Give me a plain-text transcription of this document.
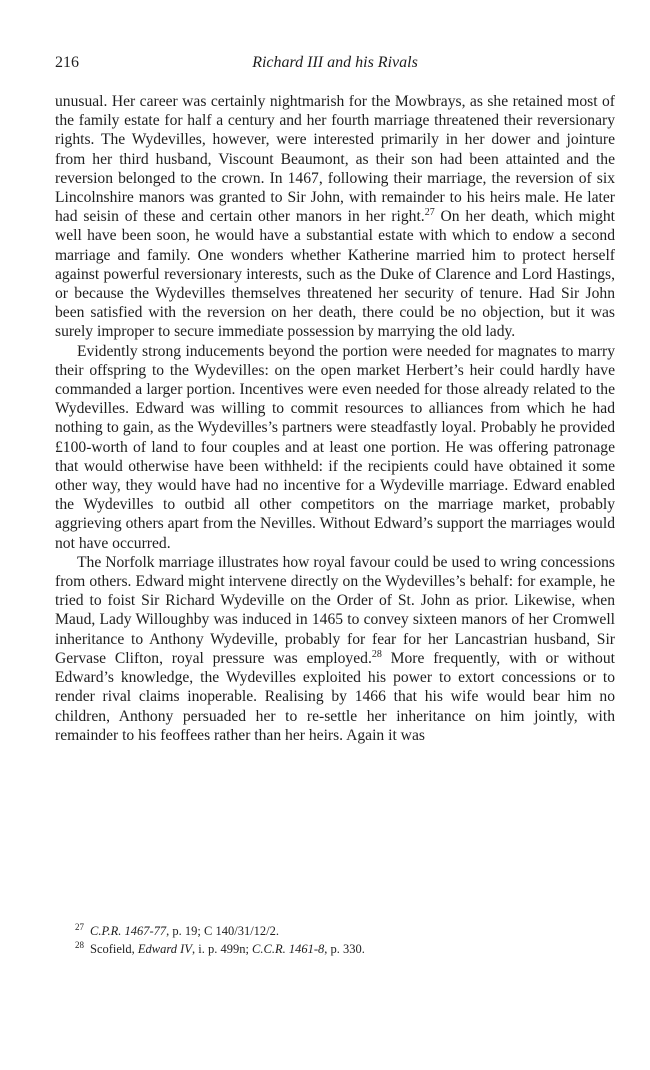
216	Richard III and his Rivals

unusual. Her career was certainly nightmarish for the Mowbrays, as she retained most of the family estate for half a century and her fourth marriage threatened their reversionary rights. The Wydevilles, however, were interested primarily in her dower and jointure from her third husband, Viscount Beaumont, as their son had been attainted and the reversion belonged to the crown. In 1467, following their marriage, the reversion of six Lincolnshire manors was granted to Sir John, with remainder to his heirs male. He later had seisin of these and certain other manors in her right.$^{27}$ On her death, which might well have been soon, he would have a substantial estate with which to endow a second marriage and family. One wonders whether Katherine married him to protect herself against powerful reversionary interests, such as the Duke of Clarence and Lord Hastings, or because the Wydevilles themselves threatened her security of tenure. Had Sir John been satisfied with the reversion on her death, there could be no objection, but it was surely improper to secure immediate possession by marrying the old lady.

Evidently strong inducements beyond the portion were needed for magnates to marry their offspring to the Wydevilles: on the open market Herbert’s heir could hardly have commanded a larger portion. Incentives were even needed for those already related to the Wydevilles. Edward was willing to commit resources to alliances from which he had nothing to gain, as the Wydevilles’s partners were steadfastly loyal. Probably he provided £100-worth of land to four couples and at least one portion. He was offering patronage that would otherwise have been withheld: if the recipients could have obtained it some other way, they would have had no incentive for a Wydeville marriage. Edward enabled the Wydevilles to outbid all other competitors on the marriage market, probably aggrieving others apart from the Nevilles. Without Edward’s support the marriages would not have occurred.

The Norfolk marriage illustrates how royal favour could be used to wring concessions from others. Edward might intervene directly on the Wydevilles’s behalf: for example, he tried to foist Sir Richard Wydeville on the Order of St. John as prior. Likewise, when Maud, Lady Willoughby was induced in 1465 to convey sixteen manors of her Cromwell inheritance to Anthony Wydeville, probably for fear for her Lancastrian husband, Sir Gervase Clifton, royal pressure was employed.$^{28}$ More frequently, with or without Edward’s knowledge, the Wydevilles exploited his power to extort concessions or to render rival claims inoperable. Realising by 1466 that his wife would bear him no children, Anthony persuaded her to re-settle her inheritance on him jointly, with remainder to his feoffees rather than her heirs. Again it was

$^{27}$ C.P.R. 1467-77, p. 19; C 140/31/12/2.
$^{28}$ Scofield, Edward IV, i. p. 499n; C.C.R. 1461-8, p. 330.
